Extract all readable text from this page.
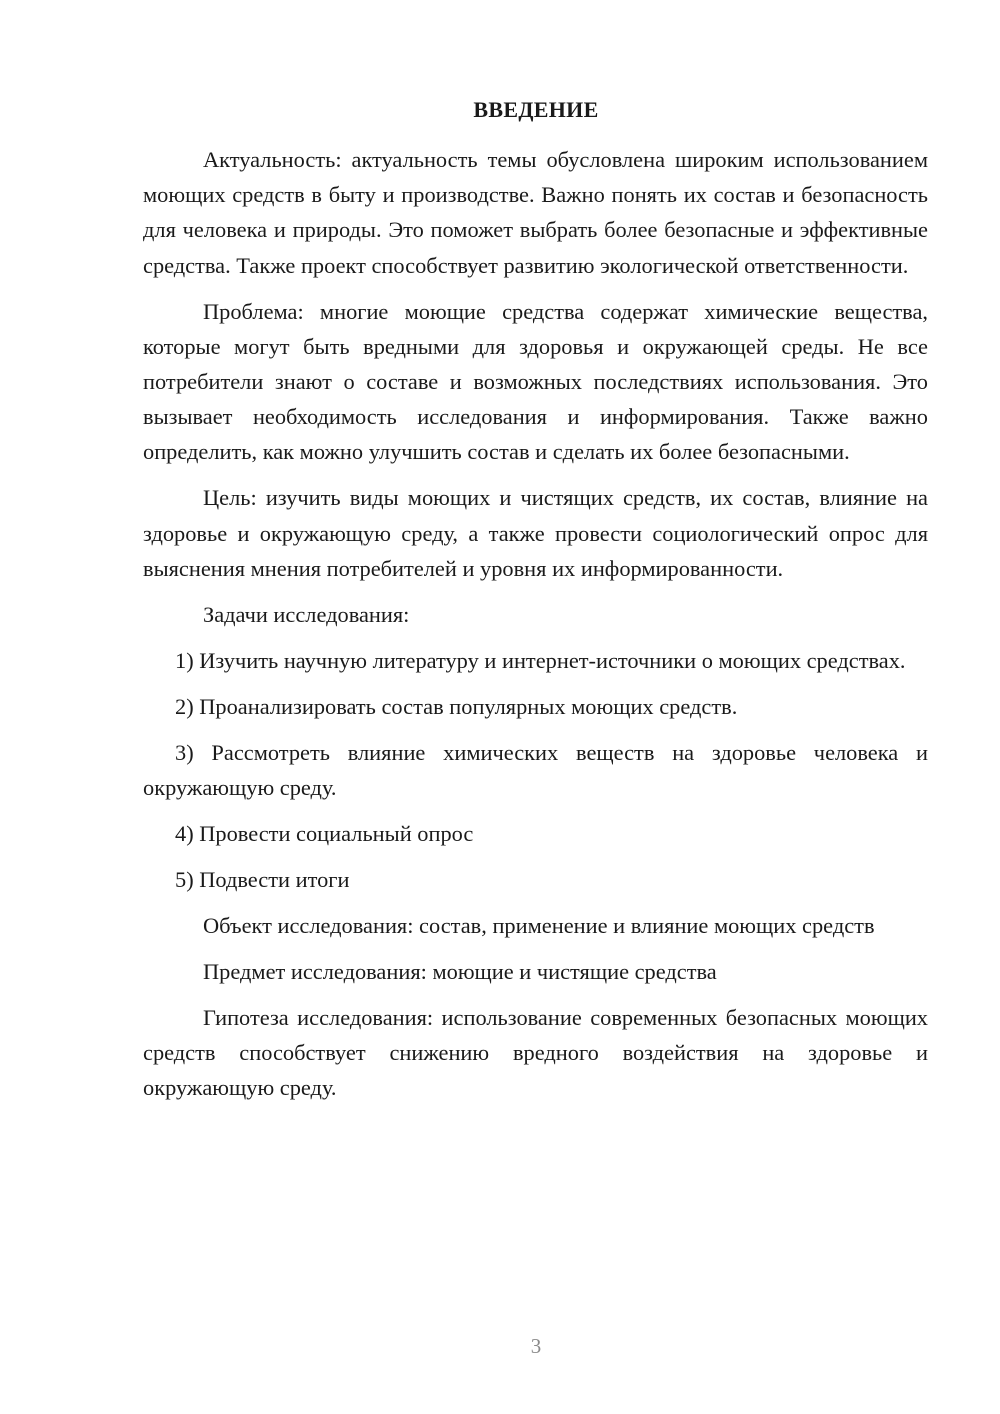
ВВЕДЕНИЕ

Актуальность: актуальность темы обусловлена широким использованием моющих средств в быту и производстве. Важно понять их состав и безопасность для человека и природы. Это поможет выбрать более безопасные и эффективные средства. Также проект способствует развитию экологической ответственности.

Проблема: многие моющие средства содержат химические вещества, которые могут быть вредными для здоровья и окружающей среды. Не все потребители знают о составе и возможных последствиях использования. Это вызывает необходимость исследования и информирования. Также важно определить, как можно улучшить состав и сделать их более безопасными.

Цель: изучить виды моющих и чистящих средств, их состав, влияние на здоровье и окружающую среду, а также провести социологический опрос для выяснения мнения потребителей и уровня их информированности.

Задачи исследования:

1) Изучить научную литературу и интернет-источники о моющих средствах.

2) Проанализировать состав популярных моющих средств.

3) Рассмотреть влияние химических веществ на здоровье человека и окружающую среду.

4) Провести социальный опрос

5) Подвести итоги

Объект исследования: состав, применение и влияние моющих средств

Предмет исследования: моющие и чистящие средства

Гипотеза исследования: использование современных безопасных моющих средств способствует снижению вредного воздействия на здоровье и окружающую среду.

3
